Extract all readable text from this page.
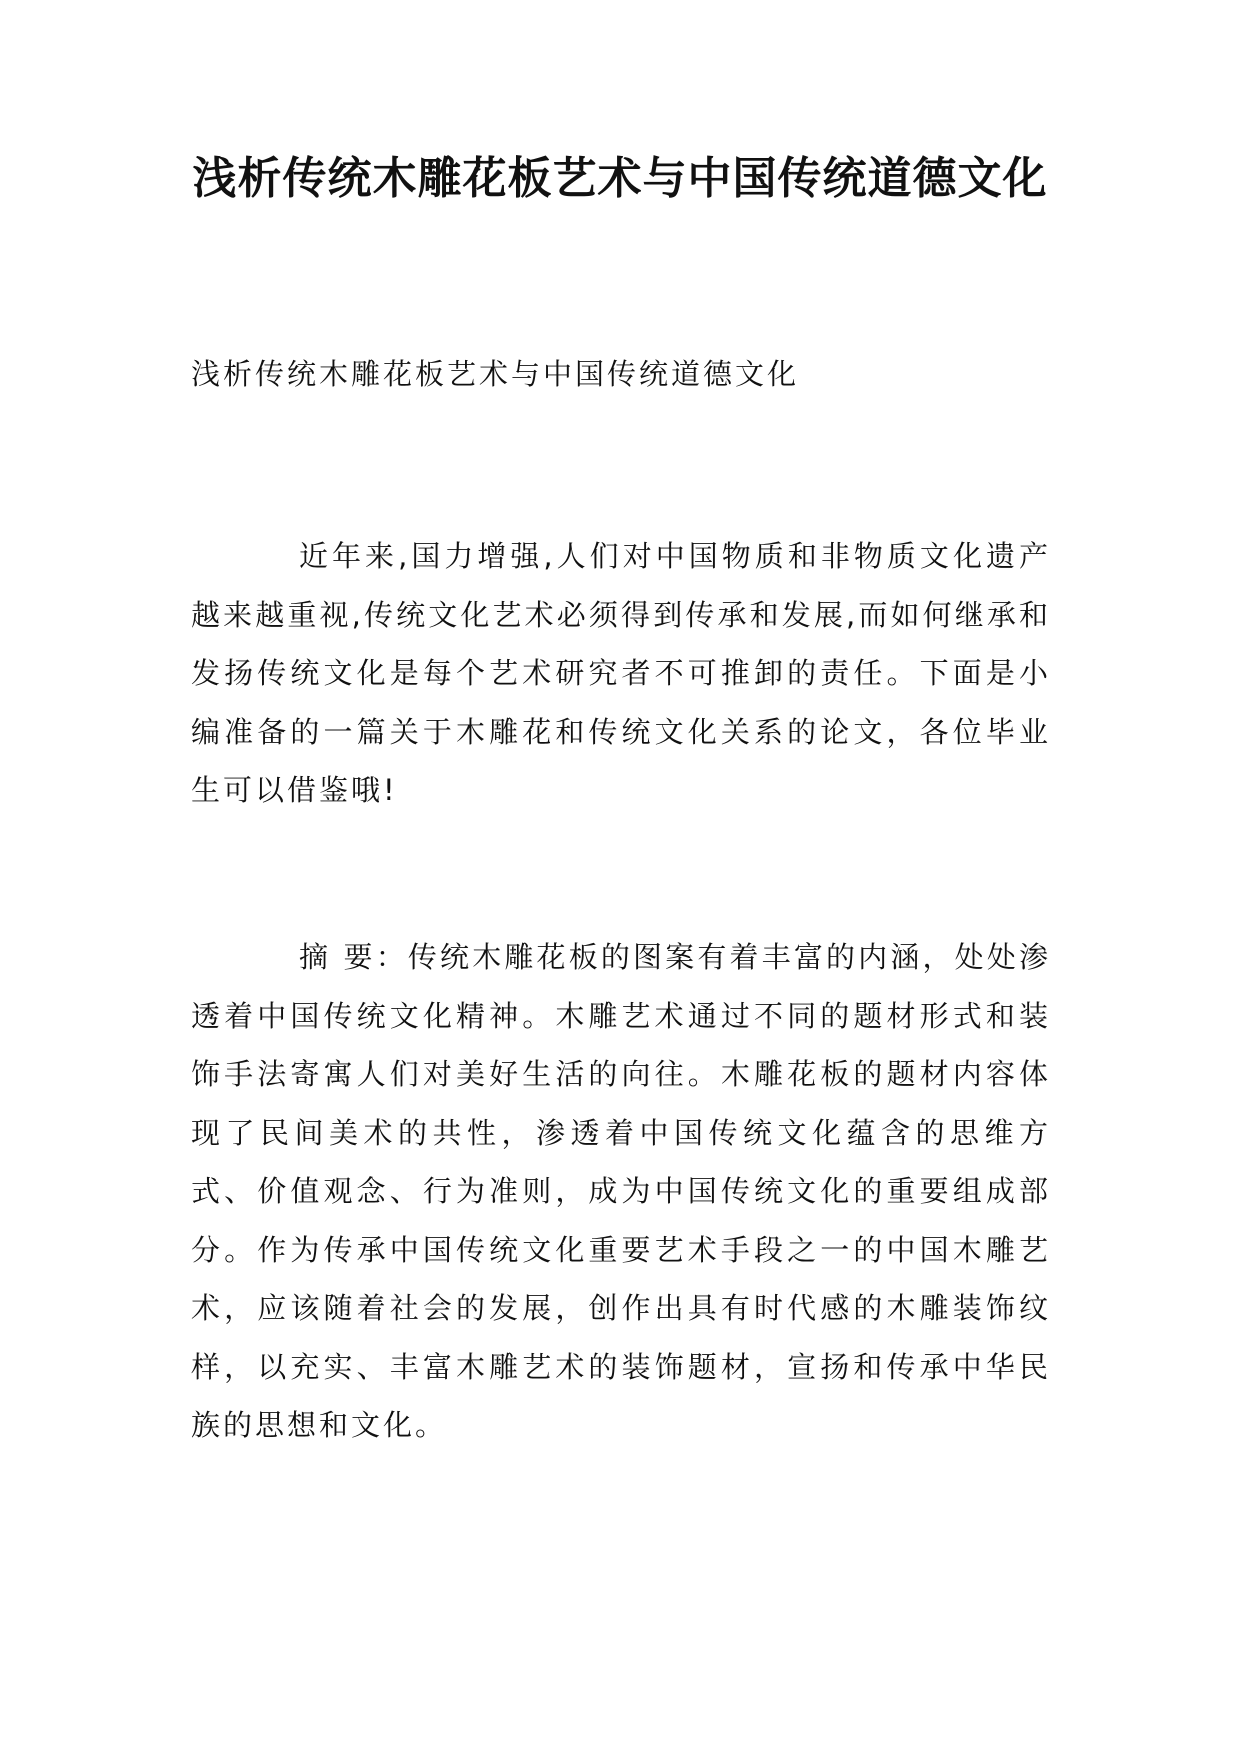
浅析传统木雕花板艺术与中国传统道德文化

浅析传统木雕花板艺术与中国传统道德文化

近年来,国力增强,人们对中国物质和非物质文化遗产越来越重视,传统文化艺术必须得到传承和发展,而如何继承和发扬传统文化是每个艺术研究者不可推卸的责任。下面是小编准备的一篇关于木雕花和传统文化关系的论文，各位毕业生可以借鉴哦!

摘 要：传统木雕花板的图案有着丰富的内涵，处处渗透着中国传统文化精神。木雕艺术通过不同的题材形式和装饰手法寄寓人们对美好生活的向往。木雕花板的题材内容体现了民间美术的共性，渗透着中国传统文化蕴含的思维方式、价值观念、行为准则，成为中国传统文化的重要组成部分。作为传承中国传统文化重要艺术手段之一的中国木雕艺术，应该随着社会的发展，创作出具有时代感的木雕装饰纹样，以充实、丰富木雕艺术的装饰题材，宣扬和传承中华民族的思想和文化。
